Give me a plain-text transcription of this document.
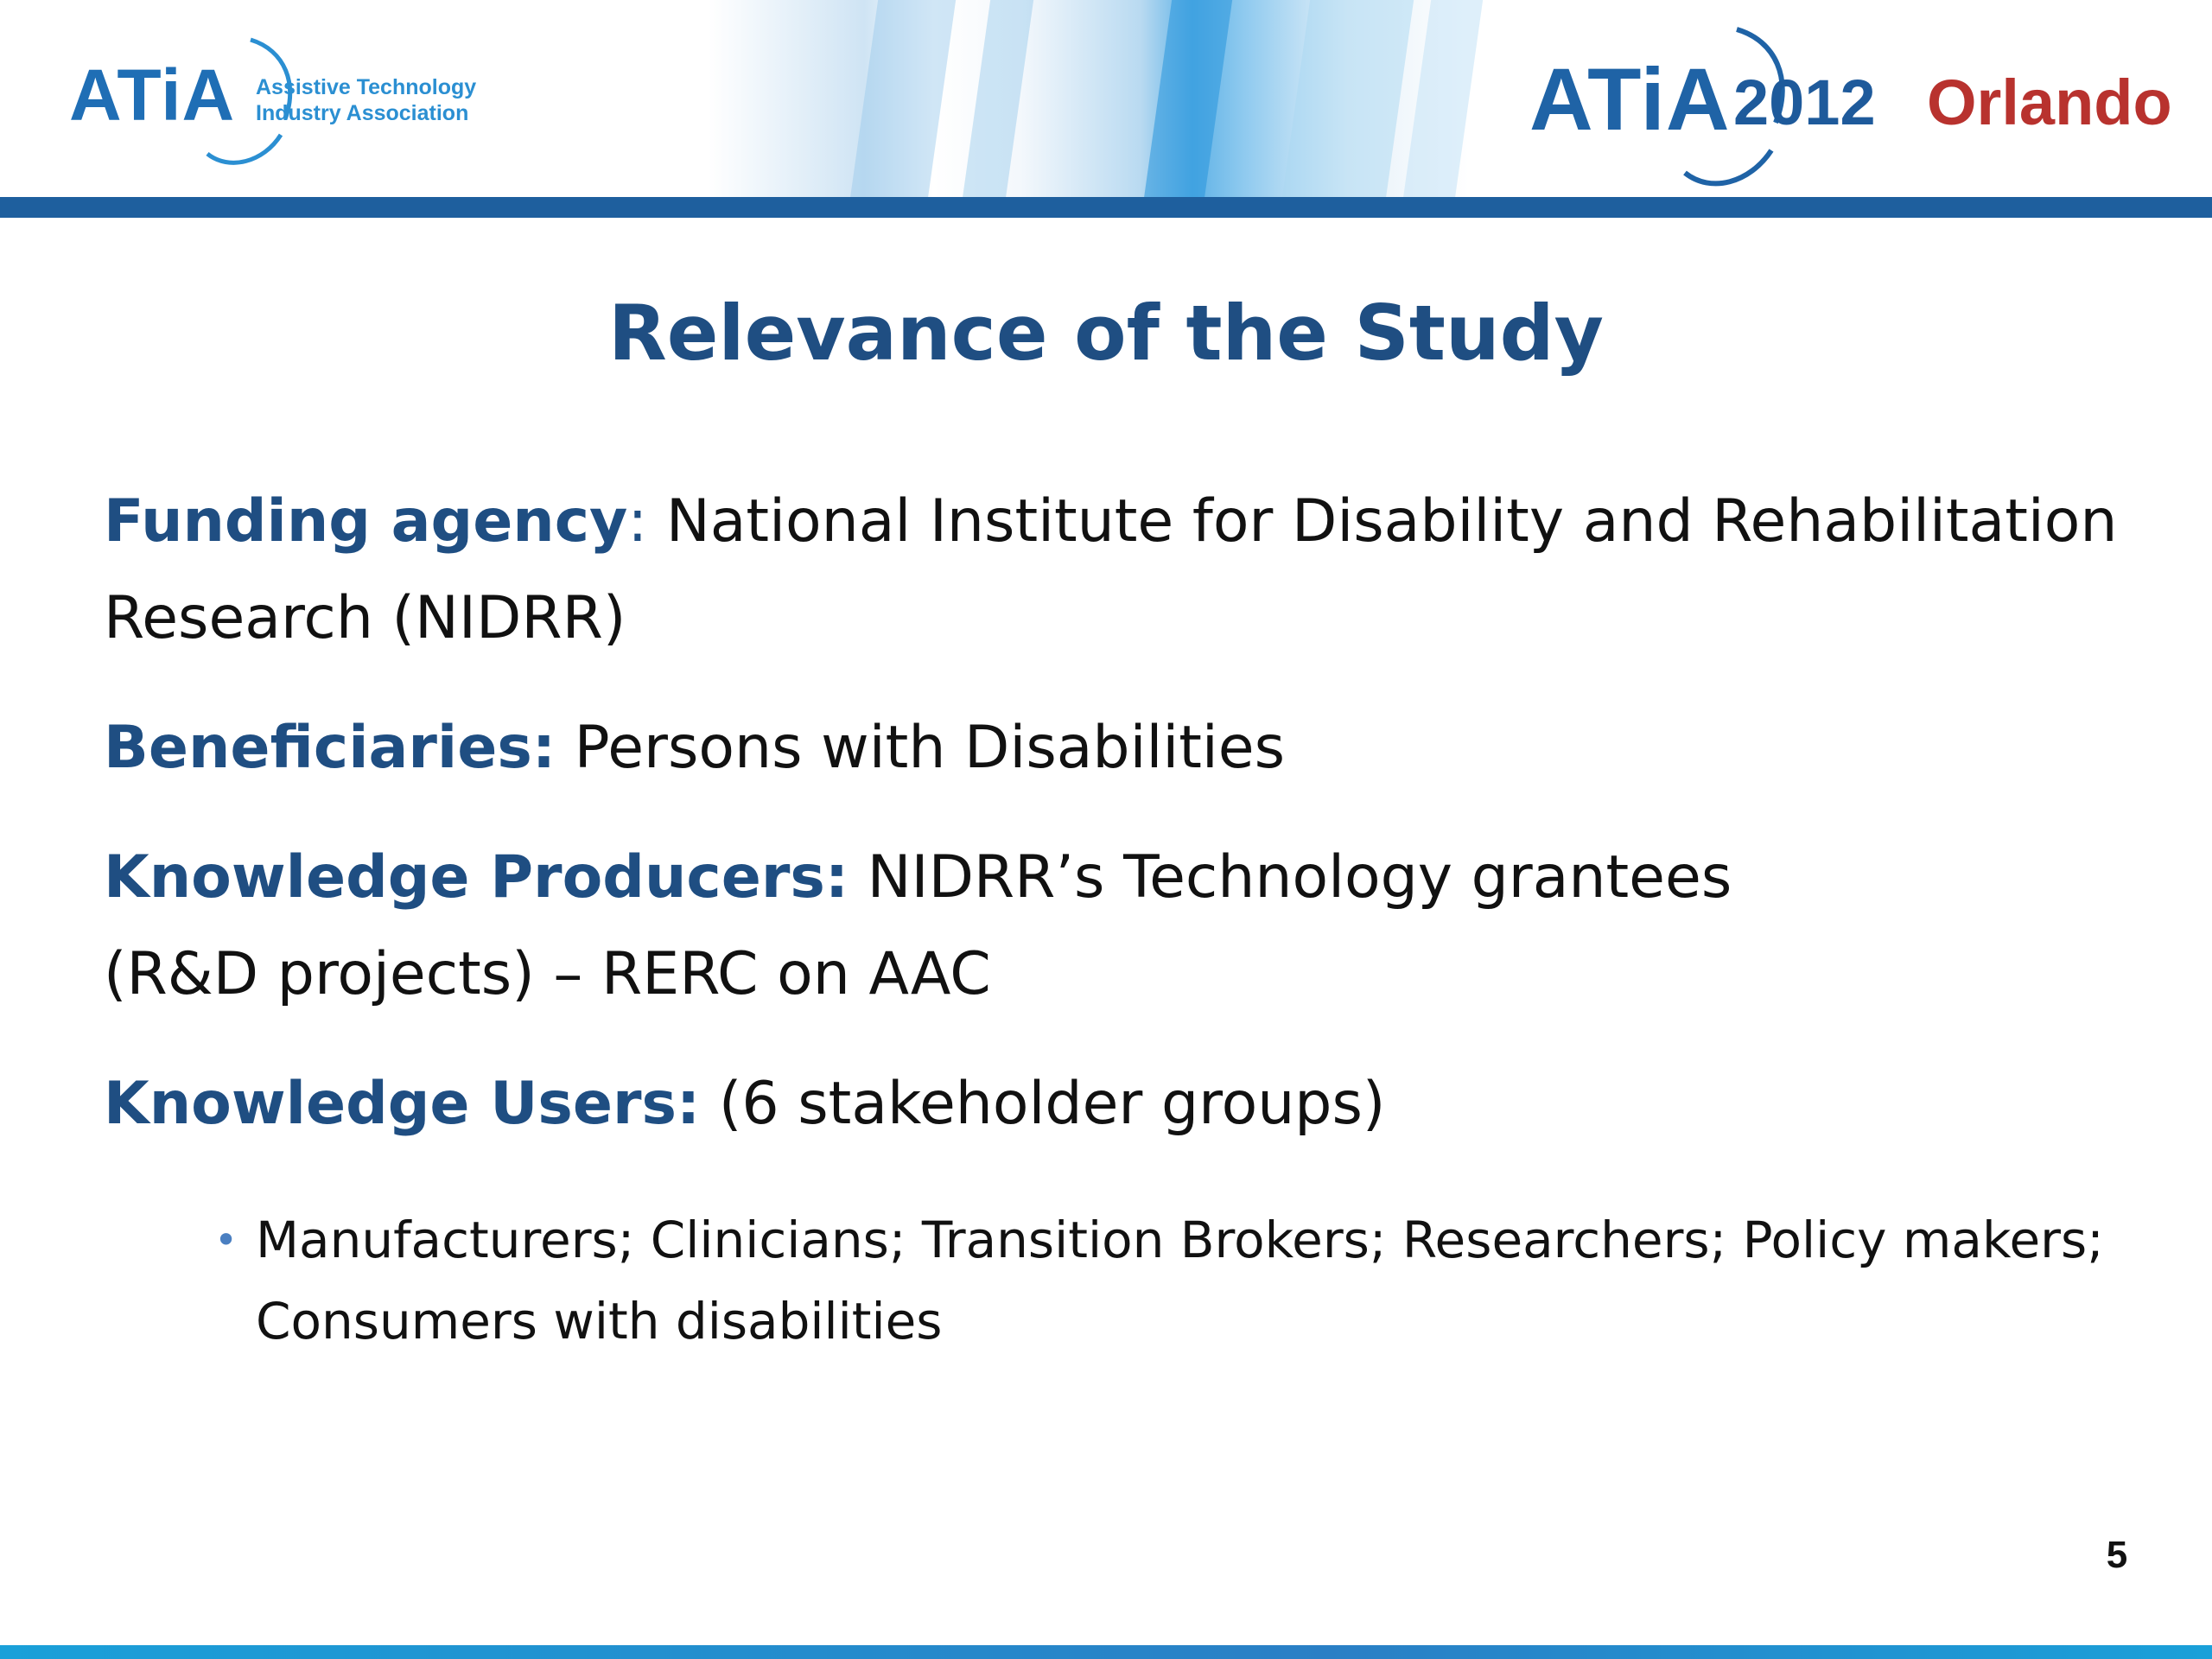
ATiA Assistive Technology
Industry Association	ATiA 2012 Orlando
Relevance of the Study

Funding agency: National Institute for Disability and Rehabilitation
Research (NIDRR)

Beneficiaries: Persons with Disabilities

Knowledge Producers: NIDRR’s Technology grantees
(R&D projects) – RERC on AAC

Knowledge Users: (6 stakeholder groups)

• Manufacturers; Clinicians; Transition Brokers; Researchers; Policy makers;
Consumers with disabilities
5
